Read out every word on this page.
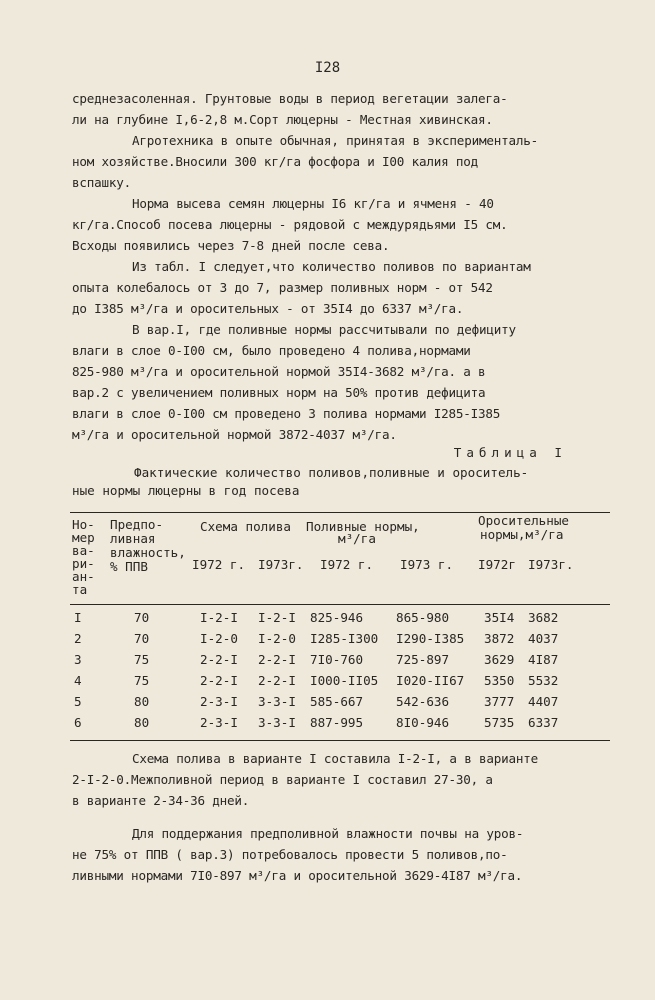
I28
среднезасоленная. Грунтовые воды в период вегетации залега-
ли на глубине I,6-2,8 м.Сорт люцерны - Местная хивинская.
Агротехника в опыте обычная, принятая в эксперименталь-
ном хозяйстве.Вносили 300 кг/га фосфора и I00 калия под
вспашку.
Норма высева семян люцерны I6 кг/га и ячменя - 40
кг/га.Способ посева люцерны - рядовой с междурядьями I5 см.
Всходы появились через 7-8 дней после сева.
Из табл. I следует,что количество поливов по вариантам
опыта колебалось от 3 до 7, размер поливных норм - от 542
до I385 м³/га и оросительных - от 35I4 до 6337 м³/га.
В вар.I, где поливные нормы рассчитывали по дефициту
влаги в слое 0-I00 см, было проведено 4 полива,нормами
825-980 м³/га и оросительной нормой 35I4-3682 м³/га. а в
вар.2 с увеличением поливных норм на 50% против дефицита
влаги в слое 0-I00 см проведено 3 полива нормами I285-I385
м³/га и оросительной нормой 3872-4037 м³/га.
Таблица I
Фактические количество поливов,поливные и ороситель-
ные нормы люцерны в год посева
Но-
мер
ва-
ри-
ан-
та
Предпо-
ливная
влажность,
% ППВ
Схема полива Поливные нормы,
м³/га
Оросительные
нормы,м³/га
I972 г. I973г. I972 г. I973 г. I972г I973г.
I	70	I-2-I I-2-I 825-946	865-980	35I4 3682
2	70	I-2-0 I-2-0 I285-I300 I290-I385 3872 4037
3	75	2-2-I 2-2-I 7I0-760	725-897	3629 4I87
4	75	2-2-I 2-2-I I000-II05 I020-II67 5350 5532
5	80	2-3-I 3-3-I 585-667	542-636	3777 4407
6	80	2-3-I 3-3-I 887-995	8I0-946	5735 6337
Схема полива в варианте I составила I-2-I, а в варианте
2-I-2-0.Межполивной период в варианте I составил 27-30, а
в варианте 2-34-36 дней.
Для поддержания предполивной влажности почвы на уров-
не 75% от ППВ ( вар.3) потребовалось провести 5 поливов,по-
ливными нормами 7I0-897 м³/га и оросительной 3629-4I87 м³/га.
